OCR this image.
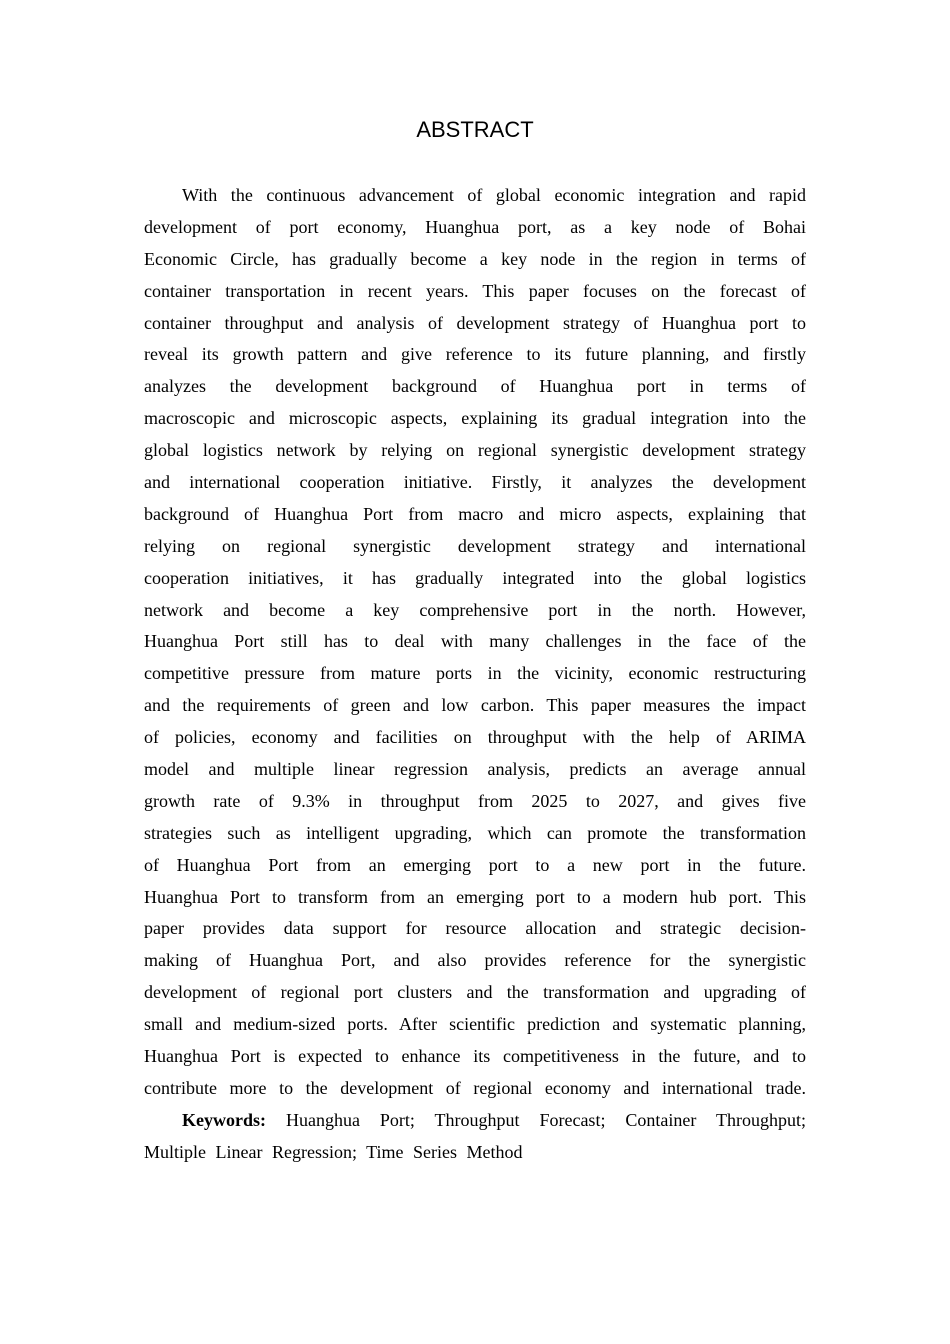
ABSTRACT
With the continuous advancement of global economic integration and rapid
development of port economy, Huanghua port, as a key node of Bohai
Economic Circle, has gradually become a key node in the region in terms of
container transportation in recent years. This paper focuses on the forecast of
container throughput and analysis of development strategy of Huanghua port to
reveal its growth pattern and give reference to its future planning, and firstly
analyzes the development background of Huanghua port in terms of
macroscopic and microscopic aspects, explaining its gradual integration into the
global logistics network by relying on regional synergistic development strategy
and international cooperation initiative. Firstly, it analyzes the development
background of Huanghua Port from macro and micro aspects, explaining that
relying on regional synergistic development strategy and international
cooperation initiatives, it has gradually integrated into the global logistics
network and become a key comprehensive port in the north. However,
Huanghua Port still has to deal with many challenges in the face of the
competitive pressure from mature ports in the vicinity, economic restructuring
and the requirements of green and low carbon. This paper measures the impact
of policies, economy and facilities on throughput with the help of ARIMA
model and multiple linear regression analysis, predicts an average annual
growth rate of 9.3% in throughput from 2025 to 2027, and gives five
strategies such as intelligent upgrading, which can promote the transformation
of Huanghua Port from an emerging port to a new port in the future.
Huanghua Port to transform from an emerging port to a modern hub port. This
paper provides data support for resource allocation and strategic decision-
making of Huanghua Port, and also provides reference for the synergistic
development of regional port clusters and the transformation and upgrading of
small and medium-sized ports. After scientific prediction and systematic planning,
Huanghua Port is expected to enhance its competitiveness in the future, and to
contribute more to the development of regional economy and international trade.
Keywords: Huanghua Port; Throughput Forecast; Container Throughput;
Multiple Linear Regression; Time Series Method
